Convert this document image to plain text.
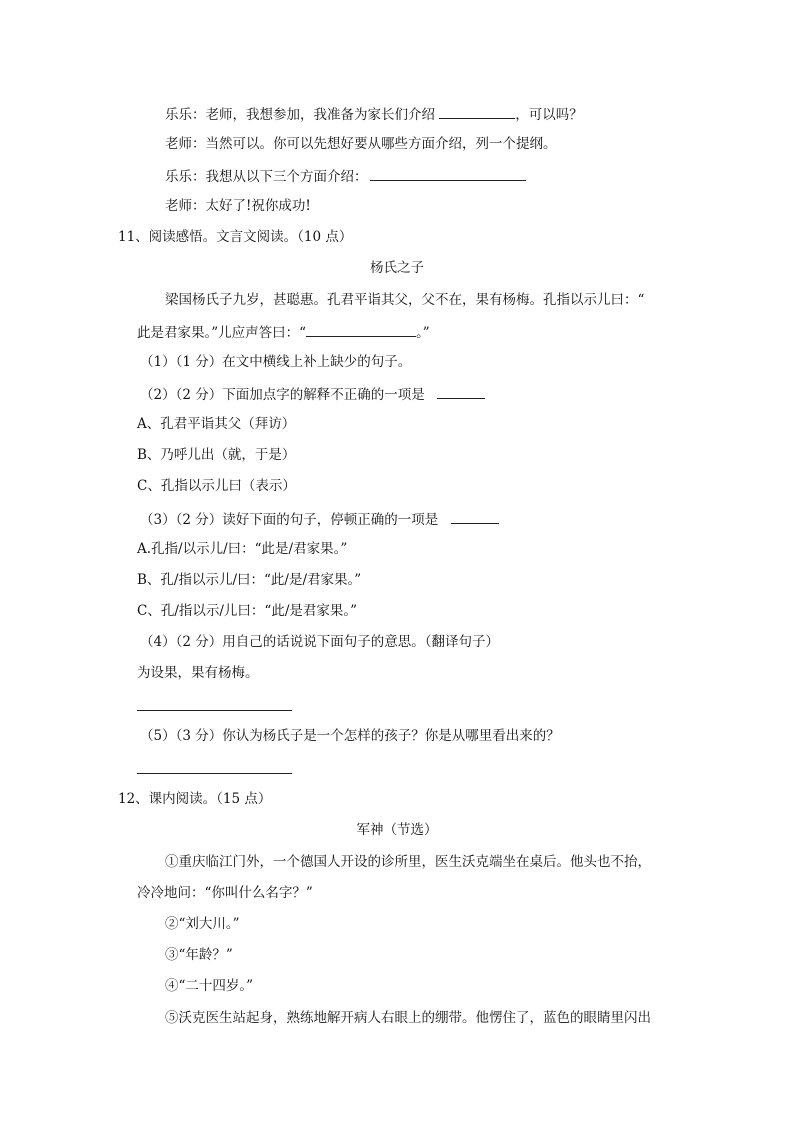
乐乐：老师，我想参加，我准备为家长们介绍	，可以吗？
老师：当然可以。你可以先想好要从哪些方面介绍，列一个提纲。
乐乐：我想从以下三个方面介绍：
老师：太好了!祝你成功!
11、阅读感悟。文言文阅读。（10 点）
杨氏之子
梁国杨氏子九岁，甚聪惠。孔君平诣其父，父不在，果有杨梅。孔指以示儿曰：“
此是君家果。”儿应声答曰：“	。”
（1）（1 分）在文中横线上补上缺少的句子。
（2）（2 分）下面加点字的解释不正确的一项是
A、孔君平诣其父（拜访）
B、乃呼儿出（就，于是）
C、孔指以示儿曰（表示）
（3）（2 分）读好下面的句子，停顿正确的一项是
A.孔指/以示儿/曰：“此是/君家果。”
B、孔/指以示儿/曰：“此/是/君家果。”
C、孔/指以示/儿曰：“此/是君家果。”
（4）（2 分）用自己的话说说下面句子的意思。（翻译句子）
为设果，果有杨梅。
（5）（3 分）你认为杨氏子是一个怎样的孩子？你是从哪里看出来的？
12、课内阅读。（15 点）
军神（节选）
①重庆临江门外，一个德国人开设的诊所里，医生沃克端坐在桌后。他头也不抬，
冷冷地问：“你叫什么名字？”
②“刘大川。”
③“年龄？”
④“二十四岁。”
⑤沃克医生站起身，熟练地解开病人右眼上的绷带。他愣住了，蓝色的眼睛里闪出
